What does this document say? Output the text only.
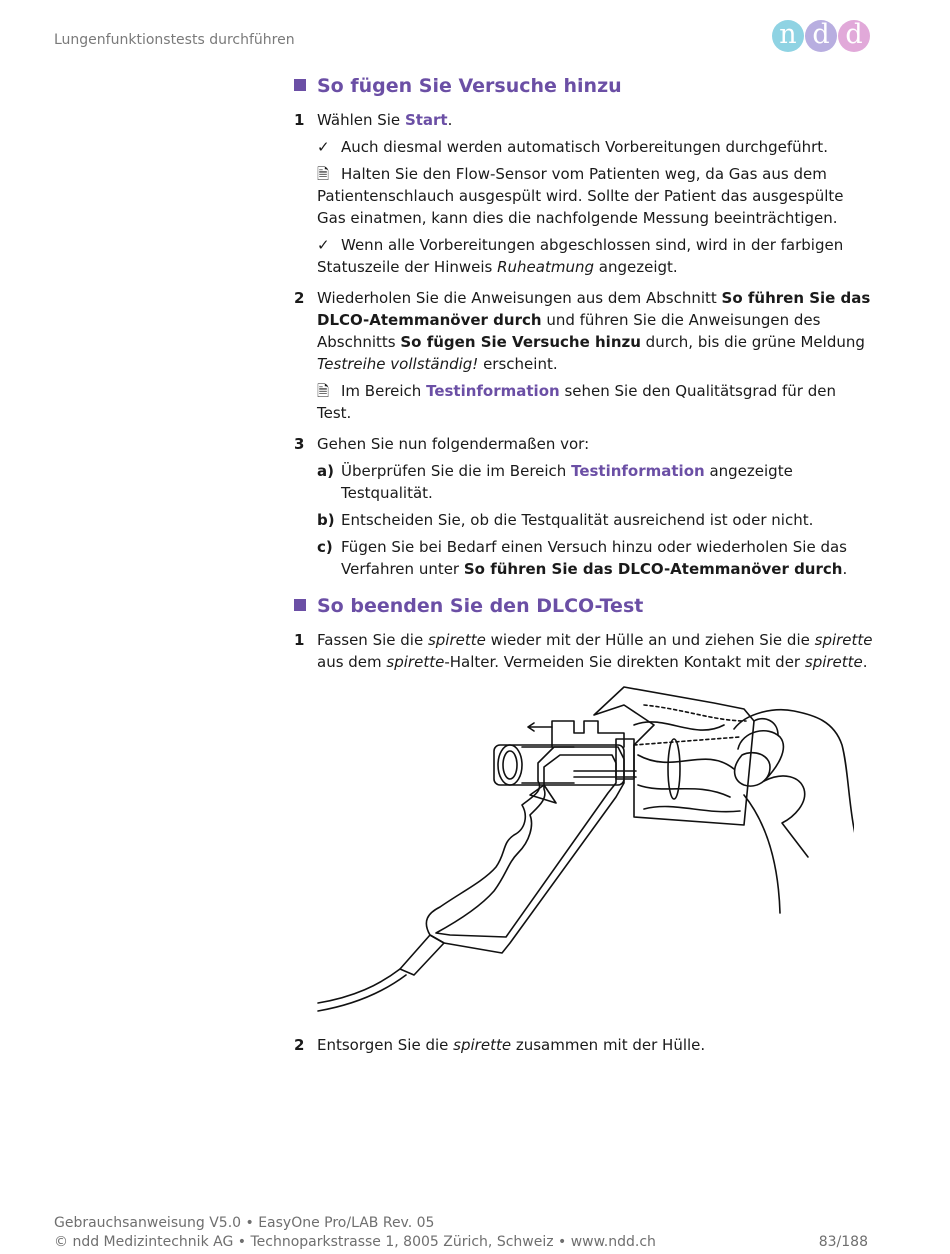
Lungenfunktionstests durchführen	n d d
So fügen Sie Versuche hinzu
1 Wählen Sie Start.
✓ Auch diesmal werden automatisch Vorbereitungen durchgeführt.
🗎 Halten Sie den Flow-Sensor vom Patienten weg, da Gas aus dem Patientenschlauch ausgespült wird. Sollte der Patient das ausgespülte Gas einatmen, kann dies die nachfolgende Messung beeinträchtigen.
✓ Wenn alle Vorbereitungen abgeschlossen sind, wird in der farbigen Statuszeile der Hinweis Ruheatmung angezeigt.
2 Wiederholen Sie die Anweisungen aus dem Abschnitt So führen Sie das DLCO-Atemmanöver durch und führen Sie die Anweisungen des Abschnitts So fügen Sie Versuche hinzu durch, bis die grüne Meldung Testreihe vollständig! erscheint.
🗎 Im Bereich Testinformation sehen Sie den Qualitätsgrad für den Test.
3 Gehen Sie nun folgendermaßen vor:
a) Überprüfen Sie die im Bereich Testinformation angezeigte Testqualität.
b) Entscheiden Sie, ob die Testqualität ausreichend ist oder nicht.
c) Fügen Sie bei Bedarf einen Versuch hinzu oder wiederholen Sie das Verfahren unter So führen Sie das DLCO-Atemmanöver durch.
So beenden Sie den DLCO-Test
1 Fassen Sie die spirette wieder mit der Hülle an und ziehen Sie die spirette aus dem spirette-Halter. Vermeiden Sie direkten Kontakt mit der spirette.
2 Entsorgen Sie die spirette zusammen mit der Hülle.
Gebrauchsanweisung V5.0 • EasyOne Pro/LAB Rev. 05
© ndd Medizintechnik AG • Technoparkstrasse 1, 8005 Zürich, Schweiz • www.ndd.ch	83/188
